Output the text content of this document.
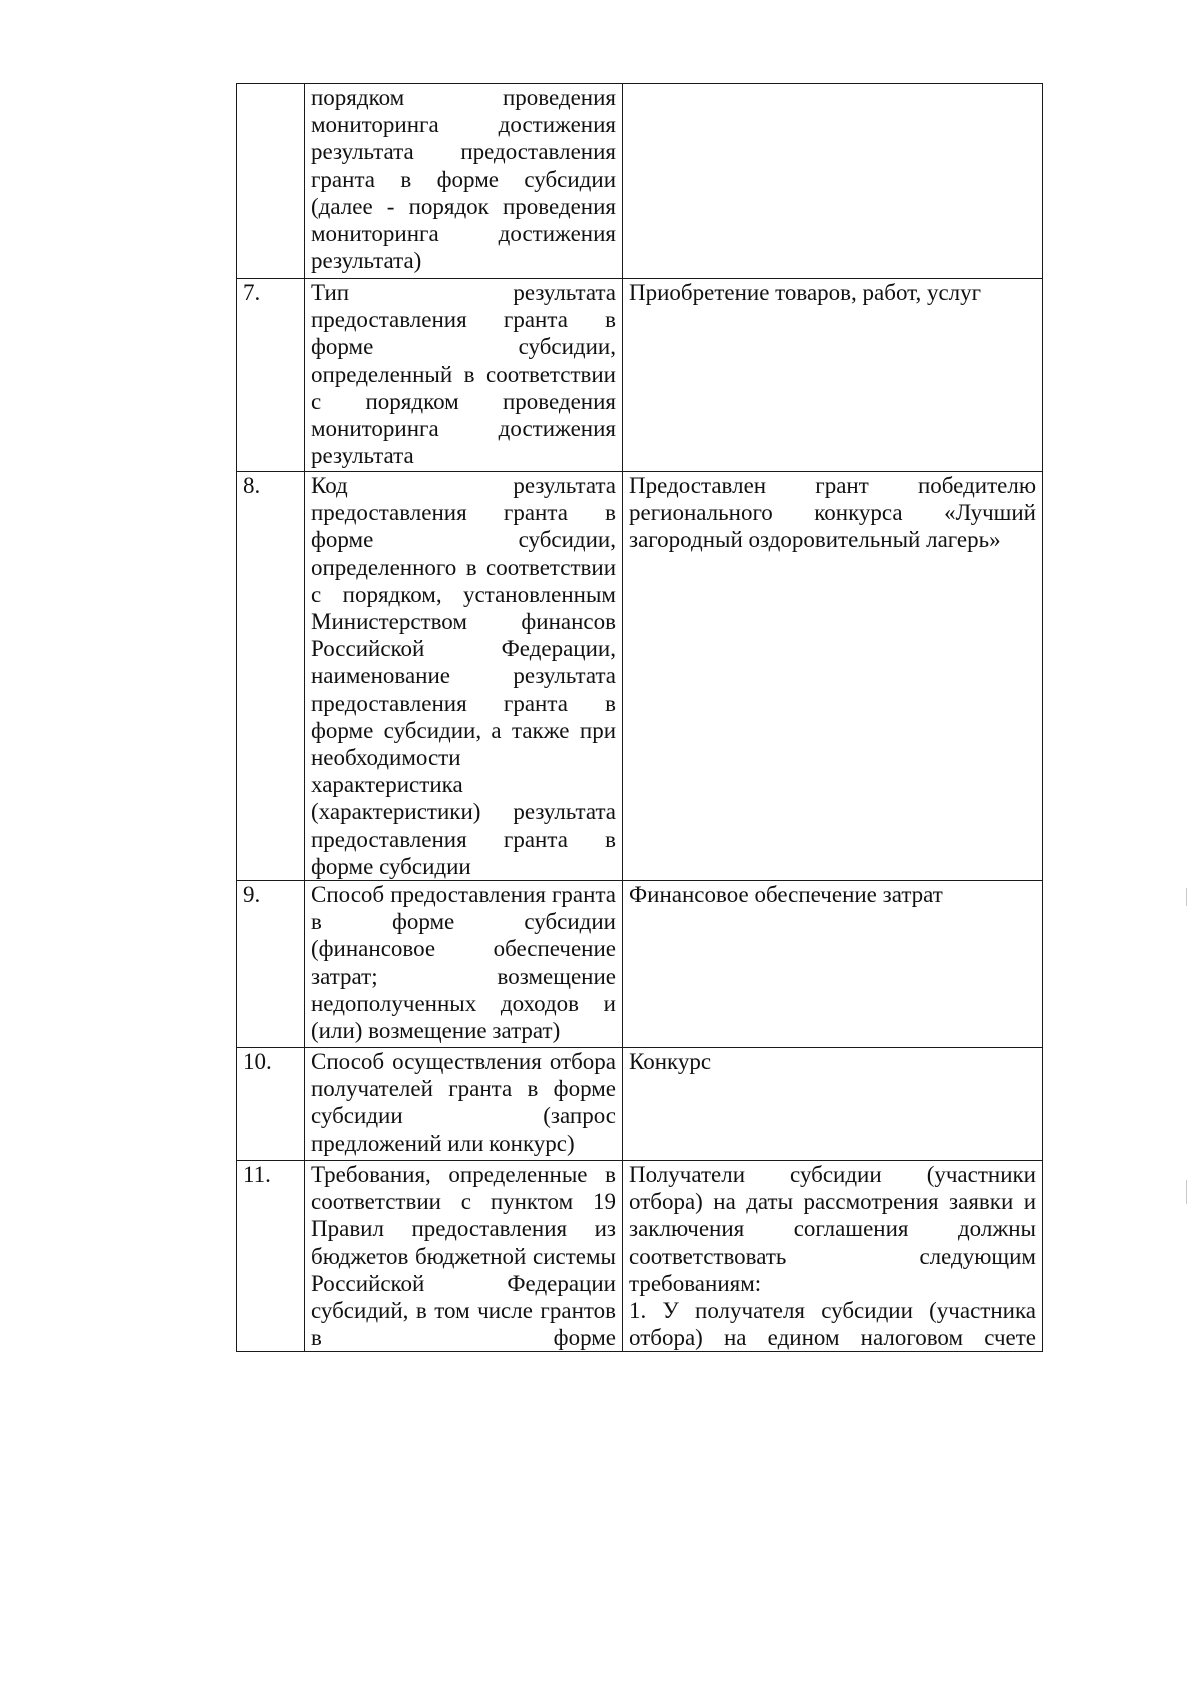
	порядком проведения мониторинга достижения результата предоставления гранта в форме субсидии (далее - порядок проведения мониторинга достижения результата)	

7.	Тип результата предоставления гранта в форме субсидии, определенный в соответствии с порядком проведения мониторинга достижения результата	Приобретение товаров, работ, услуг

8.	Код результата предоставления гранта в форме субсидии, определенного в соответствии с порядком, установленным Министерством финансов Российской Федерации, наименование результата предоставления гранта в форме субсидии, а также при необходимости характеристика (характеристики) результата предоставления гранта в форме субсидии	Предоставлен грант победителю регионального конкурса «Лучший загородный оздоровительный лагерь»

9.	Способ предоставления гранта в форме субсидии (финансовое обеспечение затрат; возмещение недополученных доходов и (или) возмещение затрат)	Финансовое обеспечение затрат

10.	Способ осуществления отбора получателей гранта в форме субсидии (запрос предложений или конкурс)	Конкурс

11.	Требования, определенные в соответствии с пунктом 19 Правил предоставления из бюджетов бюджетной системы Российской Федерации субсидий, в том числе грантов в форме	Получатели субсидии (участники отбора) на даты рассмотрения заявки и заключения соглашения должны соответствовать следующим требованиям:
1. У получателя субсидии (участника отбора) на едином налоговом счете
